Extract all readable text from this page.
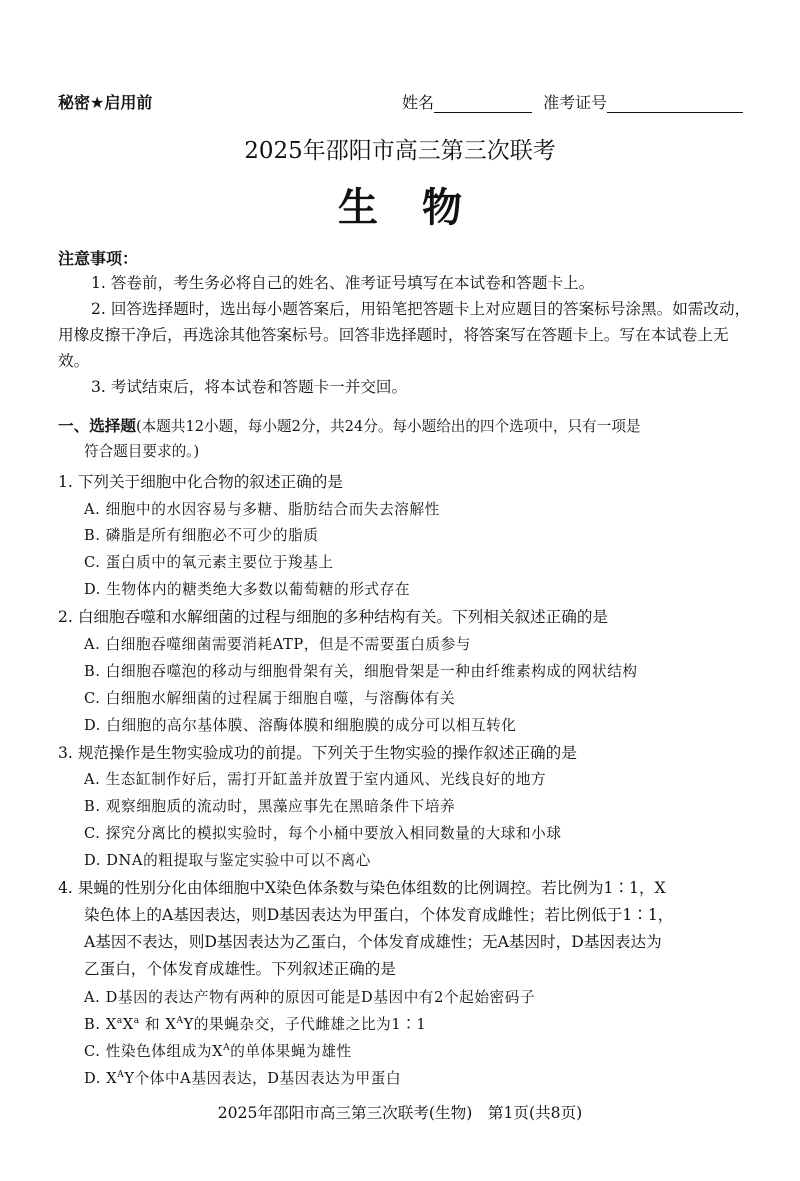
秘密★启用前	姓名	准考证号
2025年邵阳市高三第三次联考
生物
注意事项：
1. 答卷前，考生务必将自己的姓名、准考证号填写在本试卷和答题卡上。
2. 回答选择题时，选出每小题答案后，用铅笔把答题卡上对应题目的答案标号涂黑。如需改动，用橡皮擦干净后，再选涂其他答案标号。回答非选择题时，将答案写在答题卡上。写在本试卷上无效。
3. 考试结束后，将本试卷和答题卡一并交回。
一、选择题(本题共12小题，每小题2分，共24分。每小题给出的四个选项中，只有一项是
符合题目要求的。)
1. 下列关于细胞中化合物的叙述正确的是
A. 细胞中的水因容易与多糖、脂肪结合而失去溶解性
B. 磷脂是所有细胞必不可少的脂质
C. 蛋白质中的氧元素主要位于羧基上
D. 生物体内的糖类绝大多数以葡萄糖的形式存在
2. 白细胞吞噬和水解细菌的过程与细胞的多种结构有关。下列相关叙述正确的是
A. 白细胞吞噬细菌需要消耗ATP，但是不需要蛋白质参与
B. 白细胞吞噬泡的移动与细胞骨架有关，细胞骨架是一种由纤维素构成的网状结构
C. 白细胞水解细菌的过程属于细胞自噬，与溶酶体有关
D. 白细胞的高尔基体膜、溶酶体膜和细胞膜的成分可以相互转化
3. 规范操作是生物实验成功的前提。下列关于生物实验的操作叙述正确的是
A. 生态缸制作好后，需打开缸盖并放置于室内通风、光线良好的地方
B. 观察细胞质的流动时，黑藻应事先在黑暗条件下培养
C. 探究分离比的模拟实验时，每个小桶中要放入相同数量的大球和小球
D. DNA的粗提取与鉴定实验中可以不离心
4. 果蝇的性别分化由体细胞中X染色体条数与染色体组数的比例调控。若比例为1∶1，X
染色体上的A基因表达，则D基因表达为甲蛋白，个体发育成雌性；若比例低于1∶1，
A基因不表达，则D基因表达为乙蛋白，个体发育成雄性；无A基因时，D基因表达为
乙蛋白，个体发育成雄性。下列叙述正确的是
A. D基因的表达产物有两种的原因可能是D基因中有2个起始密码子
B. $X^aX^a$ 和 $X^AY$的果蝇杂交，子代雌雄之比为1∶1
C. 性染色体组成为$X^A$的单体果蝇为雄性
D. $X^AY$个体中A基因表达，D基因表达为甲蛋白
2025年邵阳市高三第三次联考(生物)　第1页(共8页)
